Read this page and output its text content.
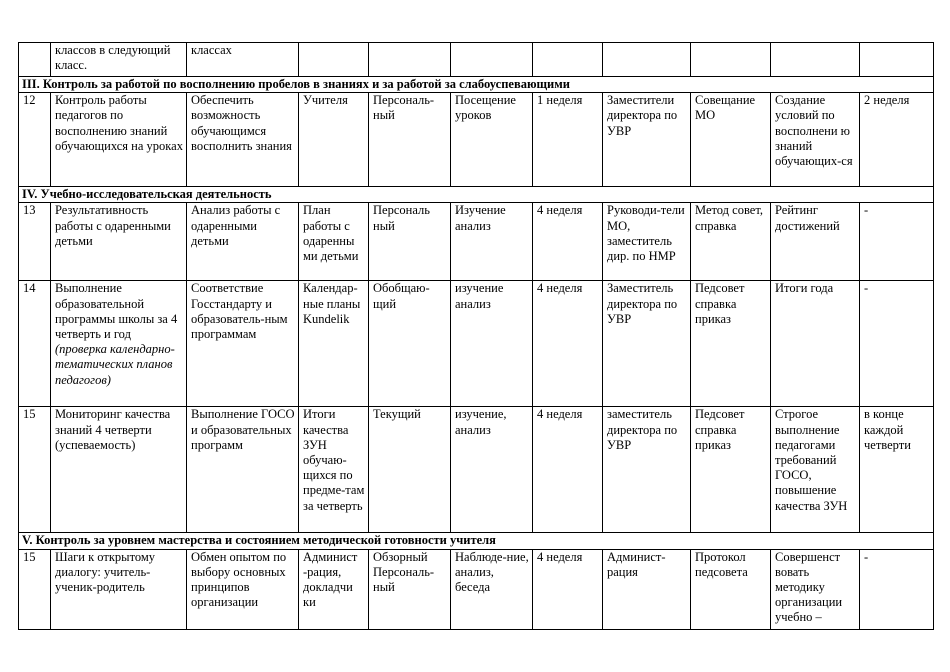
	классов в следующий класс.	классах								
III. Контроль за работой по восполнению пробелов в знаниях и за работой за слабоуспевающими										
12	Контроль работы педагогов по восполнению знаний обучающихся на уроках	Обеспечить возможность обучающимся восполнить знания	Учителя	Персональ-ный	Посещение уроков	1 неделя	Заместители директора по УВР	Совещание МО	Создание условий по восполнени ю знаний обучающих-ся	2 неделя
IV. Учебно-исследовательская деятельность										
13	Результативность работы с одаренными детьми	Анализ работы с одаренными детьми	План работы с одаренны ми детьми	Персональ ный	Изучение анализ	4 неделя	Руководи-тели МО, заместитель дир. по НМР	Метод совет, справка	Рейтинг достижений	-
14	Выполнение образовательной программы школы за 4 четверть и год (проверка календарно-тематических планов педагогов)	Соответствие Госстандарту и образователь-ным программам	Календар-ные планы Kundelik	Обобщаю-щий	изучение анализ	4 неделя	Заместитель директора по УВР	Педсовет справка приказ	Итоги года	-
15	Мониторинг качества знаний 4 четверти (успеваемость)	Выполнение ГОСО и образовательных программ	Итоги качества ЗУН обучаю-щихся по предме-там за четверть	Текущий	изучение, анализ	4 неделя	заместитель директора по УВР	Педсовет справка приказ	Строгое выполнение педагогами требований ГОСО, повышение качества ЗУН	в конце каждой четверти
V. Контроль за уровнем мастерства и состоянием методической готовности учителя										
15	Шаги к открытому диалогу: учитель-ученик-родитель	Обмен опытом по выбору основных принципов организации	Админист -рация, докладчи ки	Обзорный Персональ-ный	Наблюде-ние, анализ, беседа	4 неделя	Админист-рация	Протокол педсовета	Совершенст вовать методику организации учебно –	-
